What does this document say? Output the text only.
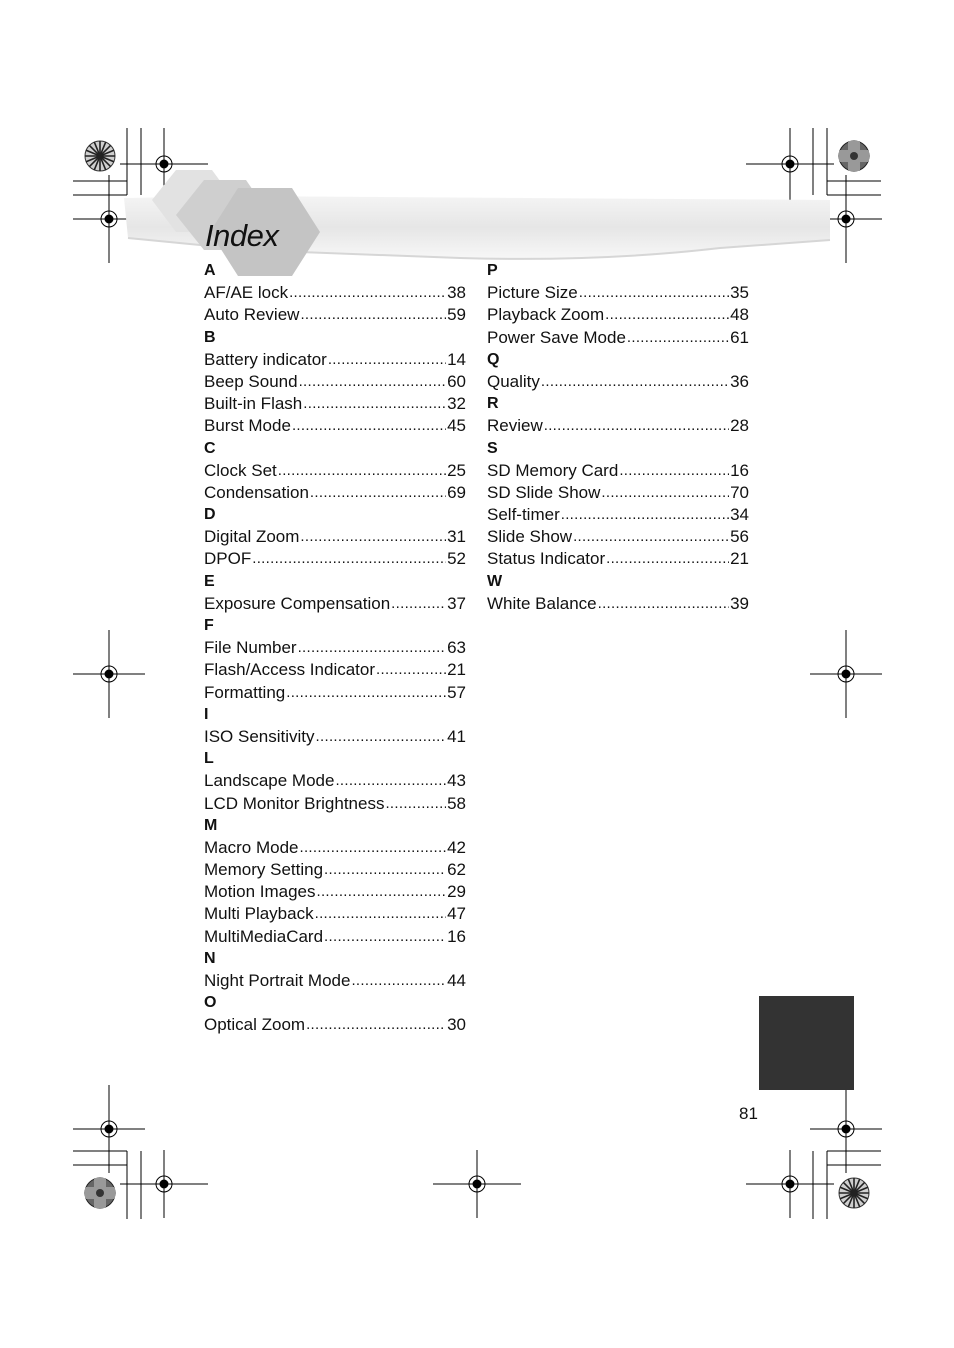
Index
A
AF/AE lock .....	38
Auto Review .....	59
B
Battery indicator .....	14
Beep Sound .....	60
Built-in Flash .....	32
Burst Mode .....	45
C
Clock Set .....	25
Condensation .....	69
D
Digital Zoom .....	31
DPOF .....	52
E
Exposure Compensation .....	37
F
File Number .....	63
Flash/Access Indicator .....	21
Formatting .....	57
I
ISO Sensitivity .....	41
L
Landscape Mode .....	43
LCD Monitor Brightness .....	58
M
Macro Mode .....	42
Memory Setting .....	62
Motion Images .....	29
Multi Playback .....	47
MultiMediaCard .....	16
N
Night Portrait Mode .....	44
O
Optical Zoom .....	30
P
Picture Size .....	35
Playback Zoom .....	48
Power Save Mode .....	61
Q
Quality .....	36
R
Review .....	28
S
SD Memory Card .....	16
SD Slide Show .....	70
Self-timer .....	34
Slide Show .....	56
Status Indicator .....	21
W
White Balance .....	39
81
